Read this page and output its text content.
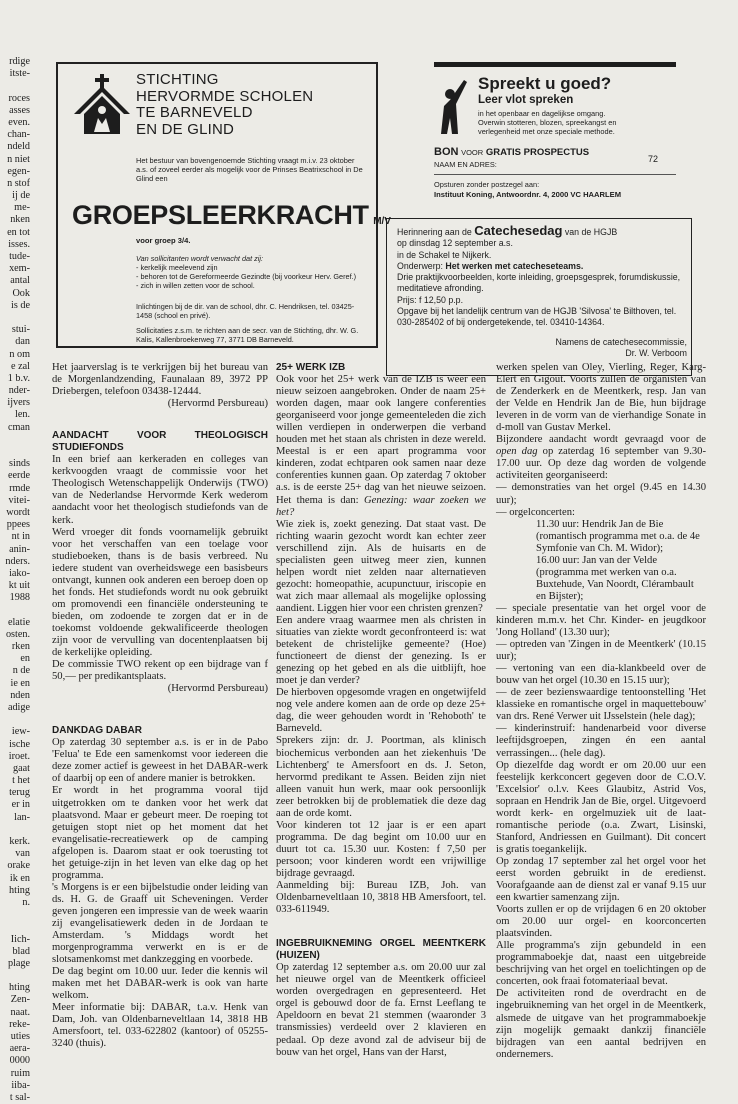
rdige
itste-
roces
asses
even.
chan-
ndeld
n niet
egen-
n stof
ij de
me-
nken
en tot
isses.
tude-
xem-
antal
Ook
is de
stui-
dan
n om
e zal
1 b.v.
nder-
ijvers
len.
cman
sinds
eerde
rmde
vitei-
wordt
ppees
nt in
anin-
nders.
iako-
kt uit
1988
elatie
osten.
rken
en
n de
ie en
nden
adige
iew-
ische
iroet.
gaat
t het
terug
er in
lan-
kerk.
van
orake
ik en
hting
n.
Iich-
blad
plage
hting
Zen-
naat.
reke-
uties
aera-
0000
ruim
iiba-
t sal-
STICHTING
HERVORMDE SCHOLEN
TE BARNEVELD
EN DE GLIND
Het bestuur van bovengenoemde Stichting vraagt m.i.v. 23 oktober a.s. of zoveel eerder als mogelijk voor de Prinses Beatrixschool in De Glind een
GROEPSLEERKRACHT M/V
voor groep 3/4.
Van sollicitanten wordt verwacht dat zij:
- kerkelijk meelevend zijn
- behoren tot de Gereformeerde Gezindte (bij voorkeur Herv. Geref.)
- zich in willen zetten voor de school.
Inlichtingen bij de dir. van de school, dhr. C. Hendriksen, tel. 03425-1458 (school en privé).
Sollicitaties z.s.m. te richten aan de secr. van de Stichting, dhr. W. G. Kalis, Kallenbroekerweg 77, 3771 DB Barneveld.
Spreekt u goed?
Leer vlot spreken
in het openbaar en dagelijkse omgang.
Overwin stotteren, blozen, spreekangst en
verlegenheid met onze speciale methode.
BON VOOR GRATIS PROSPECTUS
72
NAAM EN ADRES:
Opsturen zonder postzegel aan:
Instituut Koning, Antwoordnr. 4, 2000 VC HAARLEM
Herinnering aan de Catechesedag van de HGJB
op dinsdag 12 september a.s.
in de Schakel te Nijkerk.
Onderwerp: Het werken met catecheseteams.
Drie praktijkvoorbeelden, korte inleiding, groepsgesprek, forumdiskussie, meditatieve afronding.
Prijs: f 12,50 p.p.
Opgave bij het landelijk centrum van de HGJB 'Silvosa' te Bilthoven, tel. 030-285402 of bij ondergetekende, tel. 03410-14364.
Namens de catechesecommissie,
Dr. W. Verboom

Het jaarverslag is te verkrijgen bij het bureau van de Morgenlandzending, Faunalaan 89, 3972 PP Driebergen, telefoon 03438-12444.

(Hervormd Persbureau)

AANDACHT VOOR THEOLOGISCH STUDIEFONDS

In een brief aan kerkeraden en colleges van kerkvoogden vraagt de commissie voor het Theologisch Wetenschappelijk Onderwijs (TWO) van de Nederlandse Hervormde Kerk wederom aandacht voor het theologisch studiefonds van de kerk.

Werd vroeger dit fonds voornamelijk gebruikt voor het verschaffen van een toelage voor studieboeken, thans is de basis verbreed. Nu iedere student van overheidswege een basisbeurs ontvangt, kunnen ook anderen een beroep doen op het fonds. Het studiefonds wordt nu ook gebruikt om promovendi een financiële ondersteuning te bieden, om zodoende te zorgen dat er in de toekomst voldoende gekwalificeerde theologen zijn voor de vervulling van docentenplaatsen bij de kerkelijke opleiding.

De commissie TWO rekent op een bijdrage van f 50,— per predikantsplaats.

(Hervormd Persbureau)

DANKDAG DABAR

Op zaterdag 30 september a.s. is er in de Pabo 'Felua' te Ede een samenkomst voor iedereen die deze zomer actief is geweest in het DABAR-werk of daarbij op een of andere manier is betrokken.

Er wordt in het programma vooral tijd uitgetrokken om te danken voor het werk dat plaatsvond. Maar er gebeurt meer. De roeping tot getuigen stopt niet op het moment dat het evangelisatie-recreatiewerk op de camping afgelopen is. Daarom staat er ook toerusting tot het getuige-zijn in het leven van elke dag op het programma.

's Morgens is er een bijbelstudie onder leiding van ds. H. G. de Graaff uit Scheveningen. Verder geven jongeren een impressie van de week waarin zij evangelisatiewerk deden in de Jordaan te Amsterdam. 's Middags wordt het morgenprogramma verwerkt en is er de slotsamenkomst met dankzegging en voorbede.

De dag begint om 10.00 uur. Ieder die kennis wil maken met het DABAR-werk is ook van harte welkom.

Meer informatie bij: DABAR, t.a.v. Henk van Dam, Joh. van Oldenbarneveltlaan 14, 3818 HB Amersfoort, tel. 033-622802 (kantoor) of 05255-3240 (thuis).

25+ WERK IZB

Ook voor het 25+ werk van de IZB is weer een nieuw seizoen aangebroken. Onder de naam 25+ worden dagen, maar ook langere conferenties georganiseerd voor jonge gemeenteleden die zich willen verdiepen in onderwerpen die verband houden met het staan als christen in deze wereld. Meestal is er een apart programma voor kinderen, zodat echtparen ook samen naar deze conferenties kunnen gaan. Op zaterdag 7 oktober a.s. is de eerste 25+ dag van het nieuwe seizoen. Het thema is dan: Genezing: waar zoeken we het?

Wie ziek is, zoekt genezing. Dat staat vast. De richting waarin gezocht wordt kan echter zeer verschillend zijn. Als de huisarts en de specialisten geen uitweg meer zien, kunnen helpen wordt niet zelden naar alternatieven gezocht: homeopathie, acupunctuur, iriscopie en wat zich maar allemaal als mogelijke oplossing aandient. Liggen hier voor een christen grenzen?

Een andere vraag waarmee men als christen in situaties van ziekte wordt geconfronteerd is: wat betekent de christelijke gemeente? (Hoe) functioneert de dienst der genezing. Is er genezing op het gebed en als die uitblijft, hoe moet je dan verder?

De hierboven opgesomde vragen en ongetwijfeld nog vele andere komen aan de orde op deze 25+ dag, die weer gehouden wordt in 'Rehoboth' te Barneveld.

Sprekers zijn: dr. J. Poortman, als klinisch biochemicus verbonden aan het ziekenhuis 'De Lichtenberg' te Amersfoort en ds. J. Seton, hervormd predikant te Assen. Beiden zijn niet alleen vanuit hun werk, maar ook persoonlijk zeer betrokken bij de problematiek die deze dag aan de orde komt.

Voor kinderen tot 12 jaar is er een apart programma. De dag begint om 10.00 uur en duurt tot ca. 15.30 uur. Kosten: f 7,50 per persoon; voor kinderen wordt een vrijwillige bijdrage gevraagd.

Aanmelding bij: Bureau IZB, Joh. van Oldenbarneveltlaan 10, 3818 HB Amersfoort, tel. 033-611949.

INGEBRUIKNEMING ORGEL MEENTKERK (HUIZEN)

Op zaterdag 12 september a.s. om 20.00 uur zal het nieuwe orgel van de Meentkerk officieel worden overgedragen en gepresenteerd. Het orgel is gebouwd door de fa. Ernst Leeflang te Apeldoorn en bevat 21 stemmen (waaronder 3 transmissies) verdeeld over 2 klavieren en pedaal. Op deze avond zal de adviseur bij de bouw van het orgel, Hans van der Harst,

werken spelen van Oley, Vierling, Reger, Karg-Elert en Gigout. Voorts zullen de organisten van de Zenderkerk en de Meentkerk, resp. Jan van der Velde en Hendrik Jan de Bie, hun bijdrage leveren in de vorm van de vierhandige Sonate in d-moll van Gustav Merkel.

Bijzondere aandacht wordt gevraagd voor de open dag op zaterdag 16 september van 9.30-17.00 uur. Op deze dag worden de volgende activiteiten georganiseerd:

— demonstraties van het orgel (9.45 en 14.30 uur);

— orgelconcerten:

11.30 uur: Hendrik Jan de Bie (romantisch programma met o.a. de 4e Symfonie van Ch. M. Widor);

16.00 uur: Jan van der Velde (programma met werken van o.a. Buxtehude, Van Noordt, Clérambault en Bijster);

— speciale presentatie van het orgel voor de kinderen m.m.v. het Chr. Kinder- en jeugdkoor 'Jong Holland' (13.30 uur);

— optreden van 'Zingen in de Meentkerk' (10.15 uur);

— vertoning van een dia-klankbeeld over de bouw van het orgel (10.30 en 15.15 uur);

— de zeer bezienswaardige tentoonstelling 'Het klassieke en romantische orgel in maquettebouw' van drs. René Verwer uit IJsselstein (hele dag);

— kinderinstruif: handenarbeid voor diverse leeftijdsgroepen, zingen én een aantal verrassingen... (hele dag).

Op diezelfde dag wordt er om 20.00 uur een feestelijk kerkconcert gegeven door de C.O.V. 'Excelsior' o.l.v. Kees Glaubitz, Astrid Vos, sopraan en Hendrik Jan de Bie, orgel. Uitgevoerd wordt kerk- en orgelmuziek uit de laat-romantische periode (o.a. Zwart, Lisinski, Stanford, Andriessen en Guilmant). Dit concert is gratis toegankelijk.

Op zondag 17 september zal het orgel voor het eerst worden gebruikt in de eredienst. Voorafgaande aan de dienst zal er vanaf 9.15 uur een kwartier samenzang zijn.

Voorts zullen er op de vrijdagen 6 en 20 oktober om 20.00 uur orgel- en koorconcerten plaatsvinden.

Alle programma's zijn gebundeld in een programmaboekje dat, naast een uitgebreide beschrijving van het orgel en toelichtingen op de concerten, ook fraai fotomateriaal bevat.

De activiteiten rond de overdracht en de ingebruikneming van het orgel in de Meentkerk, alsmede de uitgave van het programmaboekje zijn mogelijk gemaakt dankzij financiële bijdragen van een aantal bedrijven en ondernemers.
